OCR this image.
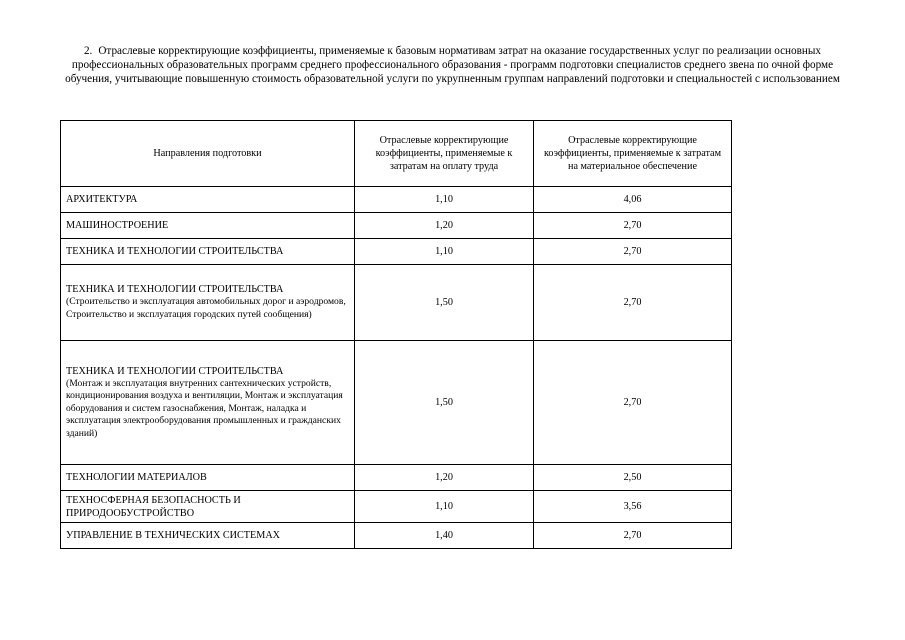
2. Отраслевые корректирующие коэффициенты, применяемые к базовым нормативам затрат на оказание государственных услуг по реализации основных профессиональных образовательных программ среднего профессионального образования - программ подготовки специалистов среднего звена по очной форме обучения, учитывающие повышенную стоимость образовательной услуги по укрупненным группам направлений подготовки и специальностей с использованием
Направления подготовки	Отраслевые корректирующие коэффициенты, применяемые к затратам на оплату труда	Отраслевые корректирующие коэффициенты, применяемые к затратам на материальное обеспечение

АРХИТЕКТУРА	1,10	4,06

МАШИНОСТРОЕНИЕ	1,20	2,70

ТЕХНИКА И ТЕХНОЛОГИИ СТРОИТЕЛЬСТВА	1,10	2,70

ТЕХНИКА И ТЕХНОЛОГИИ СТРОИТЕЛЬСТВА
(Строительство и эксплуатация автомобильных дорог и аэродромов, Строительство и эксплуатация городских путей сообщения)	1,50	2,70

ТЕХНИКА И ТЕХНОЛОГИИ СТРОИТЕЛЬСТВА
(Монтаж и эксплуатация внутренних сантехнических устройств, кондиционирования воздуха и вентиляции, Монтаж и эксплуатация оборудования и систем газоснабжения, Монтаж, наладка и эксплуатация электрооборудования промышленных и гражданских зданий)	1,50	2,70

ТЕХНОЛОГИИ МАТЕРИАЛОВ	1,20	2,50

ТЕХНОСФЕРНАЯ БЕЗОПАСНОСТЬ И ПРИРОДООБУСТРОЙСТВО	1,10	3,56

УПРАВЛЕНИЕ В ТЕХНИЧЕСКИХ СИСТЕМАХ	1,40	2,70
